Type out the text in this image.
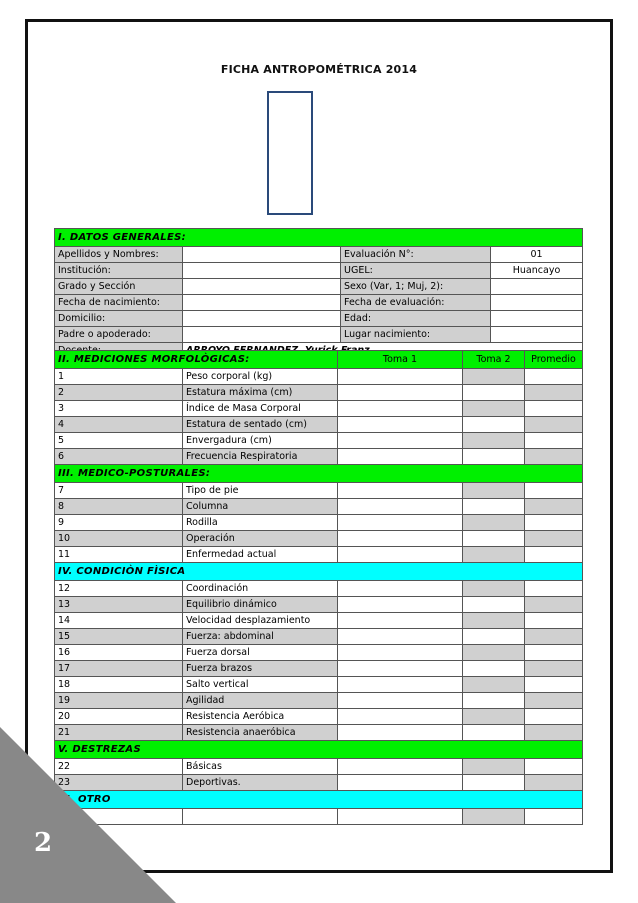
FICHA ANTROPOMÉTRICA 2014
I. DATOS GENERALES:			
Apellidos y Nombres:		Evaluación N°:	01
Institución:		UGEL:	Huancayo
Grado y Sección		Sexo (Var, 1; Muj, 2):	
Fecha de nacimiento:		Fecha de evaluación:	
Domicilio:		Edad:	
Padre o apoderado:		Lugar nacimiento:	

II. MEDICIONES MORFOLÒGICAS:		Toma 1	Toma 2	Promedio
1	Peso corporal (kg)			
2	Estatura máxima (cm)			
3	Índice de Masa Corporal			
4	Estatura de sentado (cm)			
5	Envergadura (cm)			
6	Frecuencia Respiratoria			
III. MEDICO-POSTURALES:				
7	Tipo de pie			
8	Columna			
9	Rodilla			
10	Operación			
11	Enfermedad actual			
IV. CONDICIÒN FÌSICA				
12	Coordinación			
13	Equilibrio dinámico			
14	Velocidad desplazamiento			
15	Fuerza: abdominal			
16	Fuerza dorsal			
17	Fuerza brazos			
18	Salto vertical			
19	Agilidad			
20	Resistencia Aeróbica			
21	Resistencia anaeróbica			
V. DESTREZAS				
22	Básicas			
23	Deportivas.			
VI. OTRO				
24				
2
